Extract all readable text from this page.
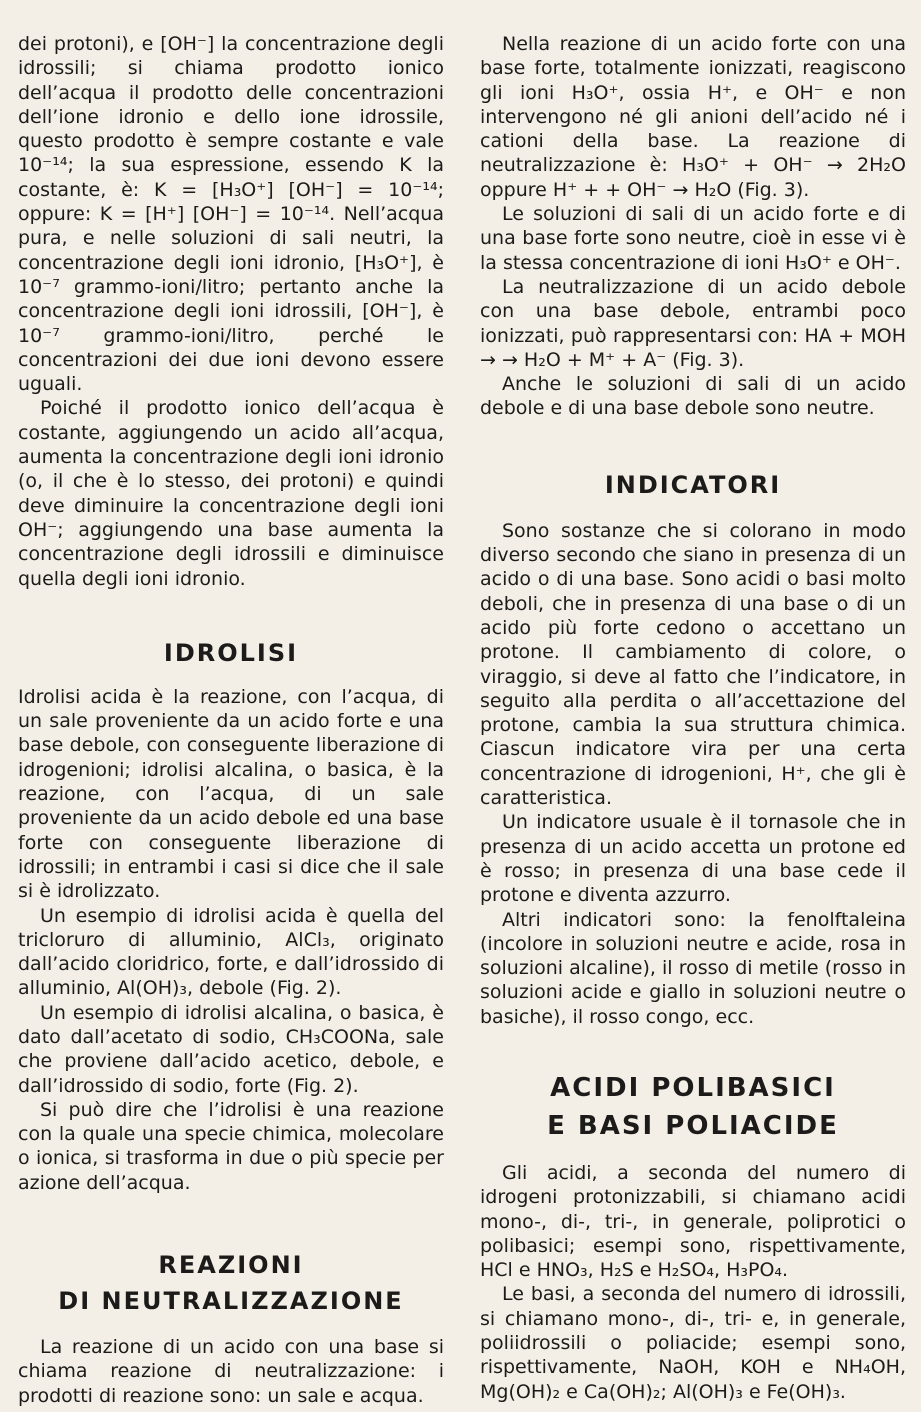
dei protoni), e [OH⁻] la concentrazione degli idrossili; si chiama prodotto ionico dell’acqua il prodotto delle concentrazioni dell’ione idronio e dello ione idrossile, questo prodotto è sempre costante e vale 10⁻¹⁴; la sua espressione, essendo K la costante, è: K = [H₃O⁺] [OH⁻] = 10⁻¹⁴; oppure: K = [H⁺] [OH⁻] = 10⁻¹⁴. Nell’acqua pura, e nelle soluzioni di sali neutri, la concentrazione degli ioni idronio, [H₃O⁺], è 10⁻⁷ grammo-ioni/litro; pertanto anche la concentrazione degli ioni idrossili, [OH⁻], è 10⁻⁷ grammo-ioni/litro, perché le concentrazioni dei due ioni devono essere uguali.

Poiché il prodotto ionico dell’acqua è costante, aggiungendo un acido all’acqua, aumenta la concentrazione degli ioni idronio (o, il che è lo stesso, dei protoni) e quindi deve diminuire la concentrazione degli ioni OH⁻; aggiungendo una base aumenta la concentrazione degli idrossili e diminuisce quella degli ioni idronio.

IDROLISI

Idrolisi acida è la reazione, con l’acqua, di un sale proveniente da un acido forte e una base debole, con conseguente liberazione di idrogenioni; idrolisi alcalina, o basica, è la reazione, con l’acqua, di un sale proveniente da un acido debole ed una base forte con conseguente liberazione di idrossili; in entrambi i casi si dice che il sale si è idrolizzato.

Un esempio di idrolisi acida è quella del tricloruro di alluminio, AlCl₃, originato dall’acido cloridrico, forte, e dall’idrossido di alluminio, Al(OH)₃, debole (Fig. 2).

Un esempio di idrolisi alcalina, o basica, è dato dall’acetato di sodio, CH₃COONa, sale che proviene dall’acido acetico, debole, e dall’idrossido di sodio, forte (Fig. 2).

Si può dire che l’idrolisi è una reazione con la quale una specie chimica, molecolare o ionica, si trasforma in due o più specie per azione dell’acqua.

REAZIONI
DI NEUTRALIZZAZIONE

La reazione di un acido con una base si chiama reazione di neutralizzazione: i prodotti di reazione sono: un sale e acqua.

Nella reazione di un acido forte con una base forte, totalmente ionizzati, reagiscono gli ioni H₃O⁺, ossia H⁺, e OH⁻ e non intervengono né gli anioni dell’acido né i cationi della base. La reazione di neutralizzazione è: H₃O⁺ + OH⁻ → 2H₂O oppure H⁺ + + OH⁻ → H₂O (Fig. 3).

Le soluzioni di sali di un acido forte e di una base forte sono neutre, cioè in esse vi è la stessa concentrazione di ioni H₃O⁺ e OH⁻.

La neutralizzazione di un acido debole con una base debole, entrambi poco ionizzati, può rappresentarsi con: HA + MOH → → H₂O + M⁺ + A⁻ (Fig. 3).

Anche le soluzioni di sali di un acido debole e di una base debole sono neutre.

INDICATORI

Sono sostanze che si colorano in modo diverso secondo che siano in presenza di un acido o di una base. Sono acidi o basi molto deboli, che in presenza di una base o di un acido più forte cedono o accettano un protone. Il cambiamento di colore, o viraggio, si deve al fatto che l’indicatore, in seguito alla perdita o all’accettazione del protone, cambia la sua struttura chimica. Ciascun indicatore vira per una certa concentrazione di idrogenioni, H⁺, che gli è caratteristica.

Un indicatore usuale è il tornasole che in presenza di un acido accetta un protone ed è rosso; in presenza di una base cede il protone e diventa azzurro.

Altri indicatori sono: la fenolftaleina (incolore in soluzioni neutre e acide, rosa in soluzioni alcaline), il rosso di metile (rosso in soluzioni acide e giallo in soluzioni neutre o basiche), il rosso congo, ecc.

ACIDI POLIBASICI
E BASI POLIACIDE

Gli acidi, a seconda del numero di idrogeni protonizzabili, si chiamano acidi mono-, di-, tri-, in generale, poliprotici o polibasici; esempi sono, rispettivamente, HCl e HNO₃, H₂S e H₂SO₄, H₃PO₄.

Le basi, a seconda del numero di idrossili, si chiamano mono-, di-, tri- e, in generale, poliidrossili o poliacide; esempi sono, rispettivamente, NaOH, KOH e NH₄OH, Mg(OH)₂ e Ca(OH)₂; Al(OH)₃ e Fe(OH)₃.
